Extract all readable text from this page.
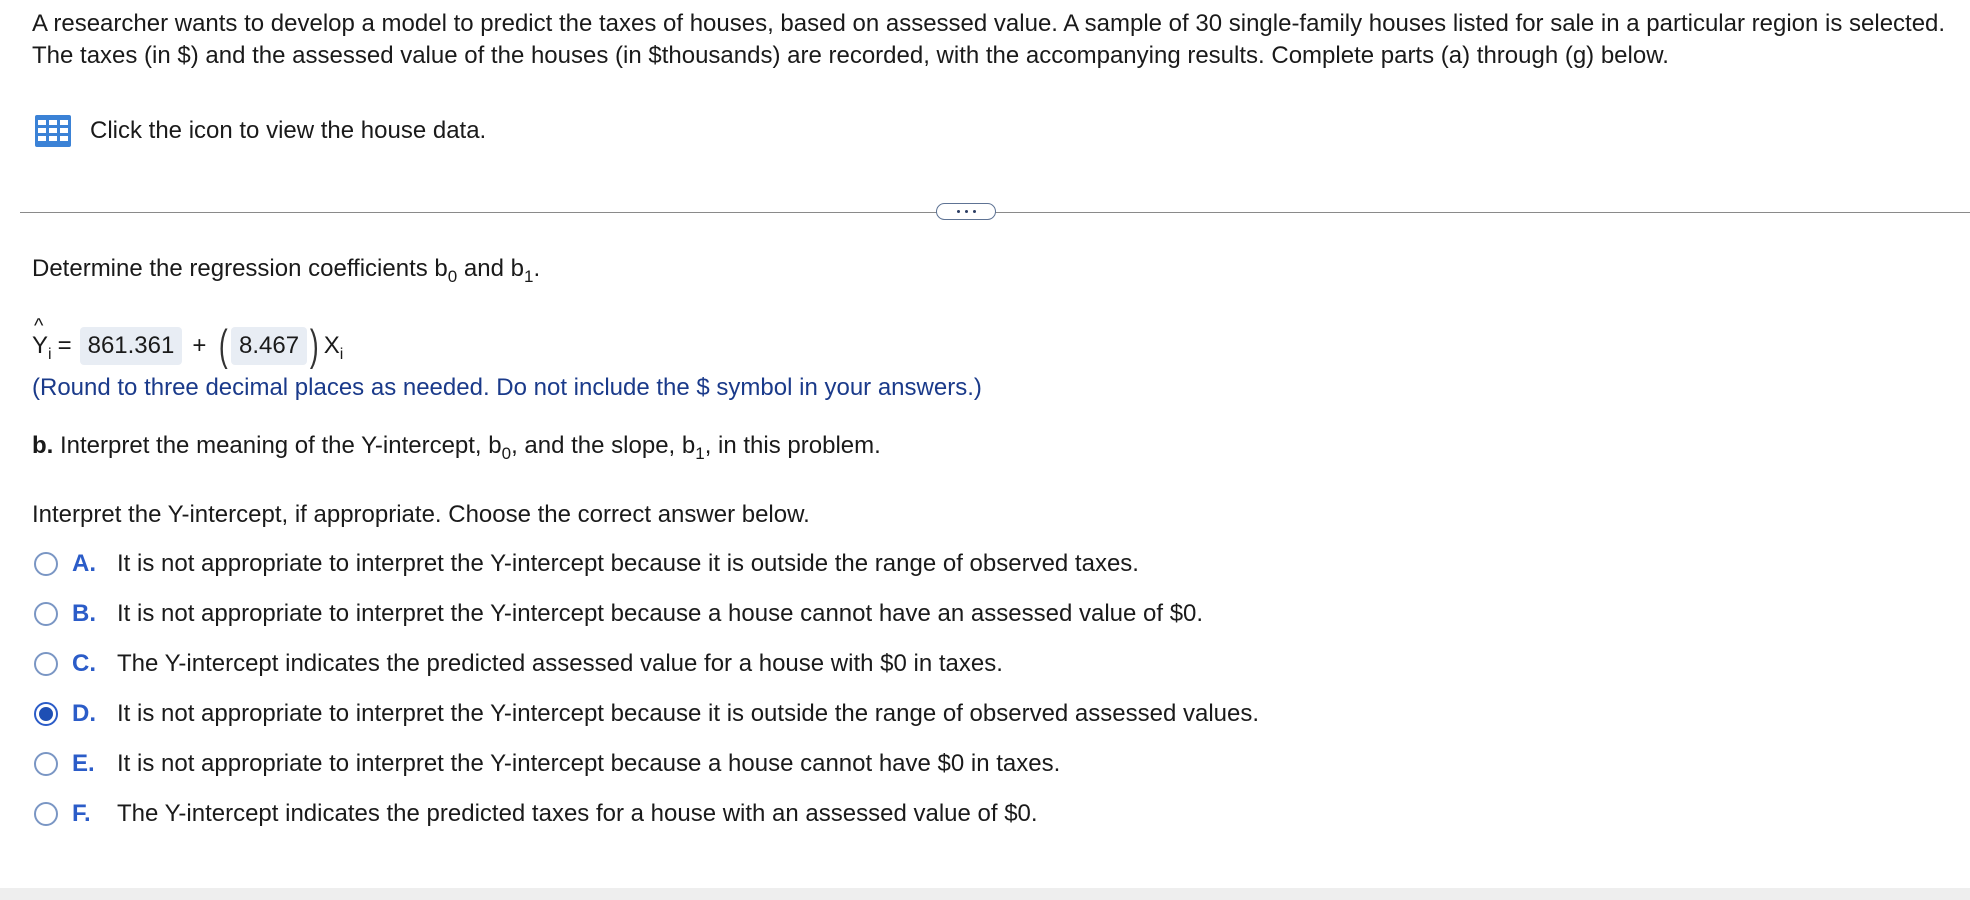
A researcher wants to develop a model to predict the taxes of houses, based on assessed value. A sample of 30 single-family houses listed for sale in a particular region is selected. The taxes (in $) and the assessed value of the houses (in $thousands) are recorded, with the accompanying results. Complete parts (a) through (g) below.

Click the icon to view the house data.

Determine the regression coefficients $b_0$ and $b_1$.

^
$Y_i = 861.361$ + ( 8.467 ) $X_i$
(Round to three decimal places as needed. Do not include the $ symbol in your answers.)

b. Interpret the meaning of the Y-intercept, $b_0$, and the slope, $b_1$, in this problem.

Interpret the Y-intercept, if appropriate. Choose the correct answer below.

A. It is not appropriate to interpret the Y-intercept because it is outside the range of observed taxes.
B. It is not appropriate to interpret the Y-intercept because a house cannot have an assessed value of $0.
C. The Y-intercept indicates the predicted assessed value for a house with $0 in taxes.
D. It is not appropriate to interpret the Y-intercept because it is outside the range of observed assessed values.
E. It is not appropriate to interpret the Y-intercept because a house cannot have $0 in taxes.
F.	The Y-intercept indicates the predicted taxes for a house with an assessed value of $0.
